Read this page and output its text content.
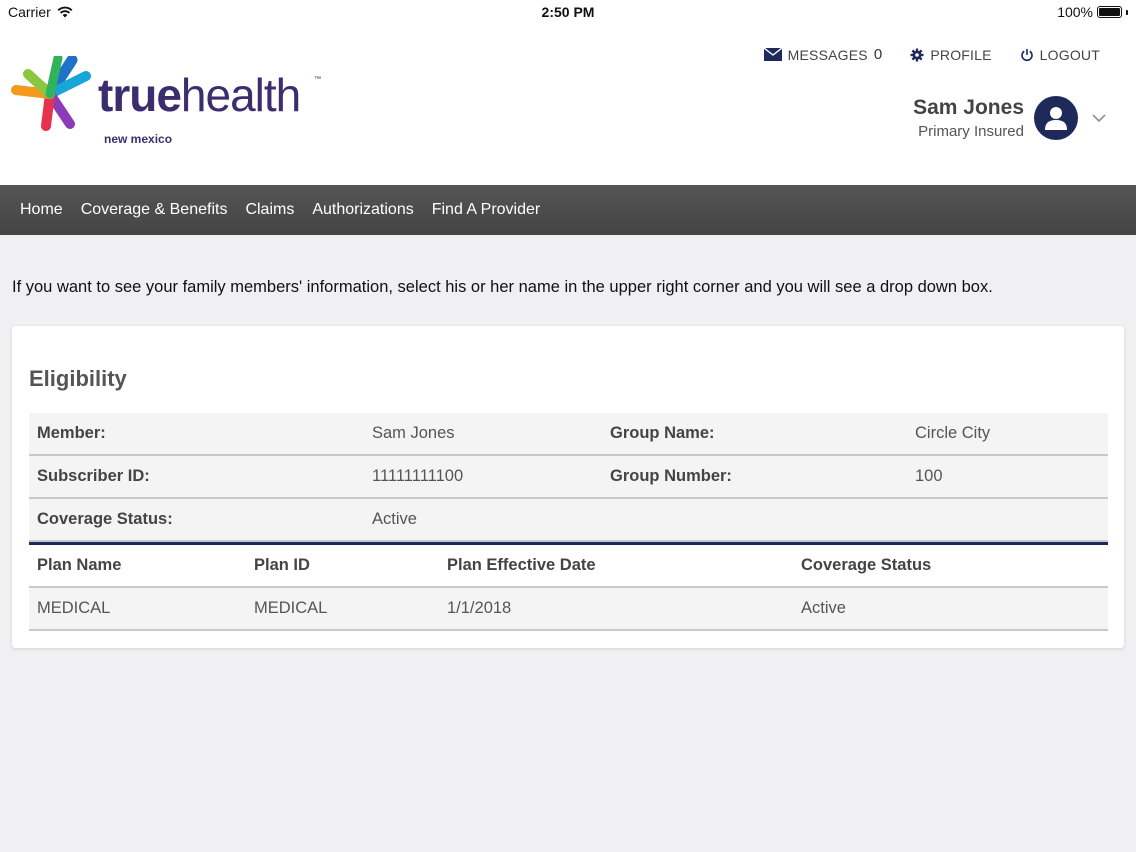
Carrier	2:50 PM	100%
truehealth ™
new mexico
MESSAGES 0	PROFILE	LOGOUT
Sam Jones
Primary Insured
Home	Coverage & Benefits	Claims	Authorizations	Find A Provider
If you want to see your family members' information, select his or her name in the upper right corner and you will see a drop down box.
Eligibility
Member:	Sam Jones	Group Name:	Circle City
Subscriber ID:	11111111100	Group Number:	100
Coverage Status:	Active
Plan Name	Plan ID	Plan Effective Date	Coverage Status
MEDICAL	MEDICAL	1/1/2018	Active
